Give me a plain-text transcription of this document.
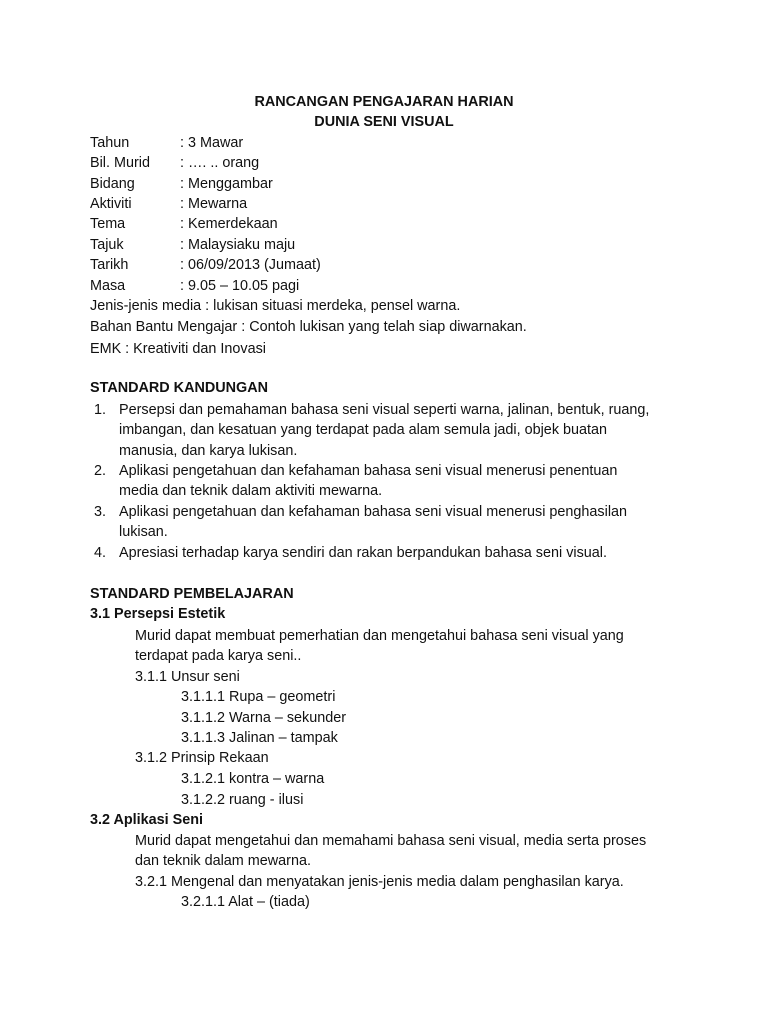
RANCANGAN PENGAJARAN HARIAN
DUNIA SENI VISUAL
Tahun	: 3 Mawar
Bil. Murid : …. .. orang
Bidang	: Menggambar
Aktiviti	: Mewarna
Tema	: Kemerdekaan
Tajuk	: Malaysiaku maju
Tarikh	: 06/09/2013 (Jumaat)
Masa	: 9.05 – 10.05 pagi
Jenis-jenis media : lukisan situasi merdeka, pensel warna.
Bahan Bantu Mengajar : Contoh lukisan yang telah siap diwarnakan.
EMK : Kreativiti dan Inovasi
STANDARD KANDUNGAN
1. Persepsi dan pemahaman bahasa seni visual seperti warna, jalinan, bentuk, ruang,
imbangan, dan kesatuan yang terdapat pada alam semula jadi, objek buatan
manusia, dan karya lukisan.
2. Aplikasi pengetahuan dan kefahaman bahasa seni visual menerusi penentuan
media dan teknik dalam aktiviti mewarna.
3. Aplikasi pengetahuan dan kefahaman bahasa seni visual menerusi penghasilan
lukisan.
4. Apresiasi terhadap karya sendiri dan rakan berpandukan bahasa seni visual.
STANDARD PEMBELAJARAN
3.1 Persepsi Estetik
Murid dapat membuat pemerhatian dan mengetahui bahasa seni visual yang
terdapat pada karya seni..
3.1.1 Unsur seni
3.1.1.1 Rupa – geometri
3.1.1.2 Warna – sekunder
3.1.1.3 Jalinan – tampak
3.1.2 Prinsip Rekaan
3.1.2.1 kontra – warna
3.1.2.2 ruang - ilusi
3.2 Aplikasi Seni
Murid dapat mengetahui dan memahami bahasa seni visual, media serta proses
dan teknik dalam mewarna.
3.2.1 Mengenal dan menyatakan jenis-jenis media dalam penghasilan karya.
3.2.1.1 Alat – (tiada)
